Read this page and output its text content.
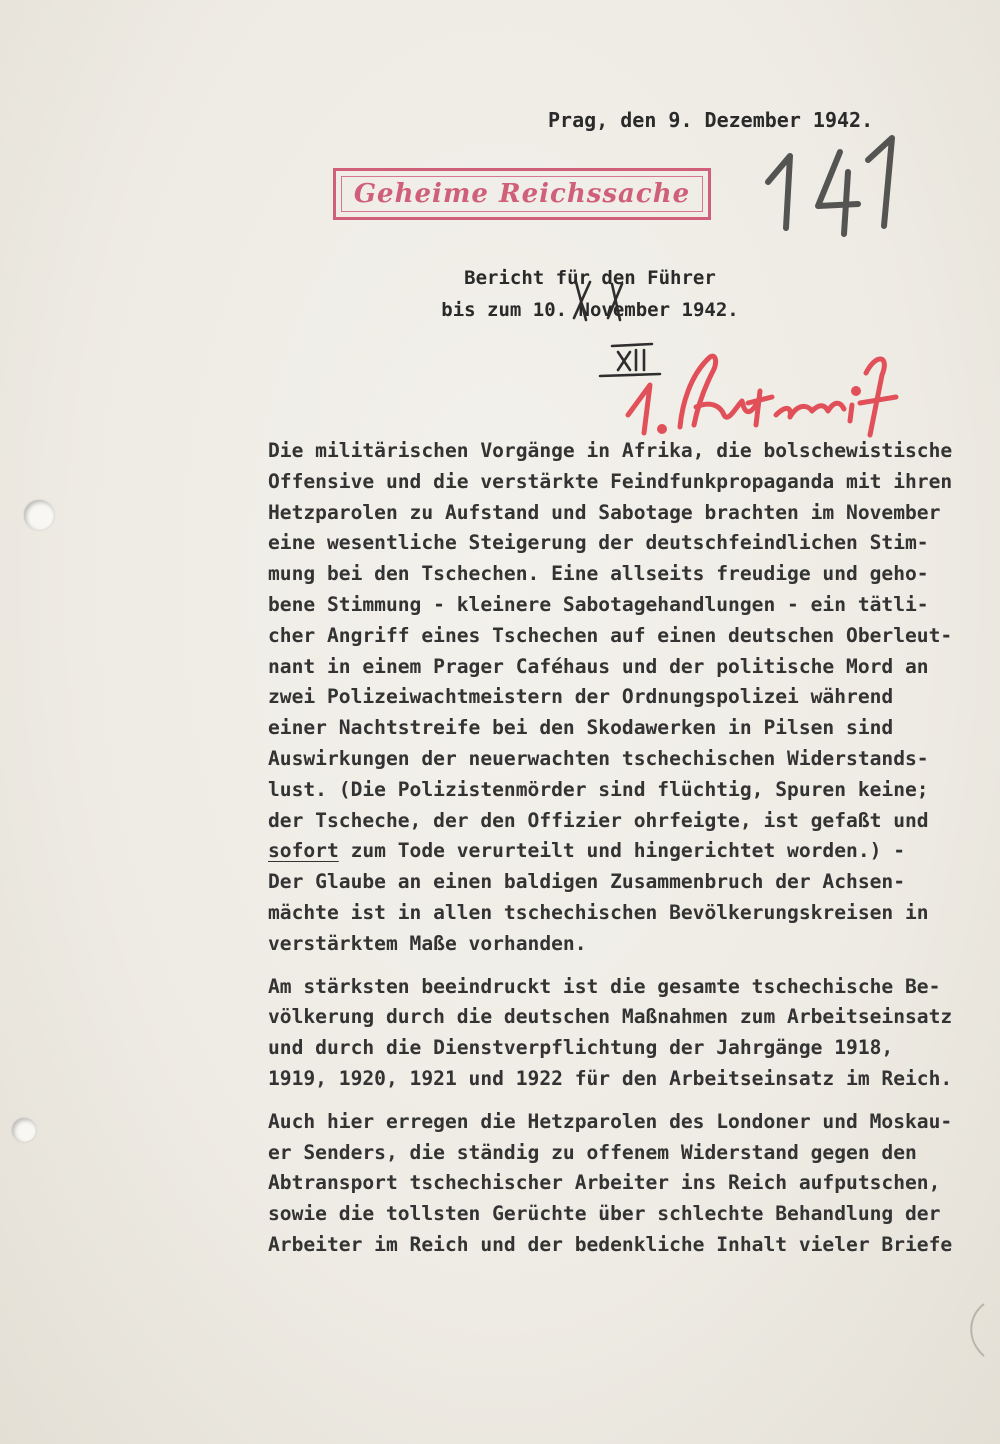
Prag, den 9. Dezember 1942.
Geheime Reichssache
Bericht für den Führer
bis zum 10. November 1942.
Die militärischen Vorgänge in Afrika, die bolschewistische
Offensive und die verstärkte Feindfunkpropaganda mit ihren
Hetzparolen zu Aufstand und Sabotage brachten im November
eine wesentliche Steigerung der deutschfeindlichen Stim-
mung bei den Tschechen. Eine allseits freudige und geho-
bene Stimmung - kleinere Sabotagehandlungen - ein tätli-
cher Angriff eines Tschechen auf einen deutschen Oberleut-
nant in einem Prager Caféhaus und der politische Mord an
zwei Polizeiwachtmeistern der Ordnungspolizei während
einer Nachtstreife bei den Skodawerken in Pilsen sind
Auswirkungen der neuerwachten tschechischen Widerstands-
lust. (Die Polizistenmörder sind flüchtig, Spuren keine;
der Tscheche, der den Offizier ohrfeigte, ist gefaßt und
sofort zum Tode verurteilt und hingerichtet worden.) -
Der Glaube an einen baldigen Zusammenbruch der Achsen-
mächte ist in allen tschechischen Bevölkerungskreisen in
verstärktem Maße vorhanden.
Am stärksten beeindruckt ist die gesamte tschechische Be-
völkerung durch die deutschen Maßnahmen zum Arbeitseinsatz
und durch die Dienstverpflichtung der Jahrgänge 1918,
1919, 1920, 1921 und 1922 für den Arbeitseinsatz im Reich.
Auch hier erregen die Hetzparolen des Londoner und Moskau-
er Senders, die ständig zu offenem Widerstand gegen den
Abtransport tschechischer Arbeiter ins Reich aufputschen,
sowie die tollsten Gerüchte über schlechte Behandlung der
Arbeiter im Reich und der bedenkliche Inhalt vieler Briefe
